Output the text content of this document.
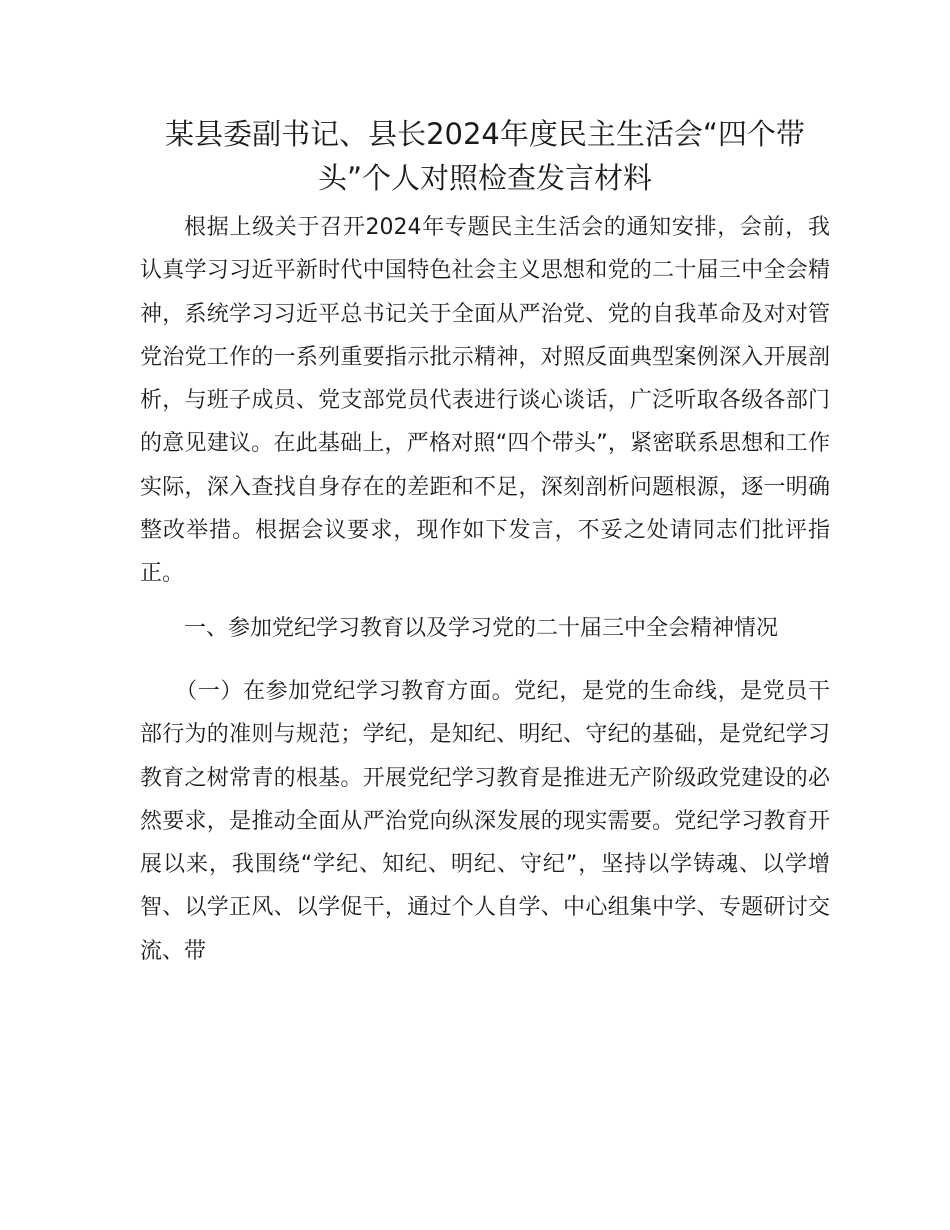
某县委副书记、县长2024年度民主生活会“四个带头”个人对照检查发言材料

根据上级关于召开2024年专题民主生活会的通知安排，会前，我认真学习习近平新时代中国特色社会主义思想和党的二十届三中全会精神，系统学习习近平总书记关于全面从严治党、党的自我革命及对对管党治党工作的一系列重要指示批示精神，对照反面典型案例深入开展剖析，与班子成员、党支部党员代表进行谈心谈话，广泛听取各级各部门的意见建议。在此基础上，严格对照“四个带头”，紧密联系思想和工作实际，深入查找自身存在的差距和不足，深刻剖析问题根源，逐一明确整改举措。根据会议要求，现作如下发言，不妥之处请同志们批评指正。

一、参加党纪学习教育以及学习党的二十届三中全会精神情况

（一）在参加党纪学习教育方面。党纪，是党的生命线，是党员干部行为的准则与规范；学纪，是知纪、明纪、守纪的基础，是党纪学习教育之树常青的根基。开展党纪学习教育是推进无产阶级政党建设的必然要求，是推动全面从严治党向纵深发展的现实需要。党纪学习教育开展以来，我围绕“学纪、知纪、明纪、守纪”，坚持以学铸魂、以学增智、以学正风、以学促干，通过个人自学、中心组集中学、专题研讨交流、带
